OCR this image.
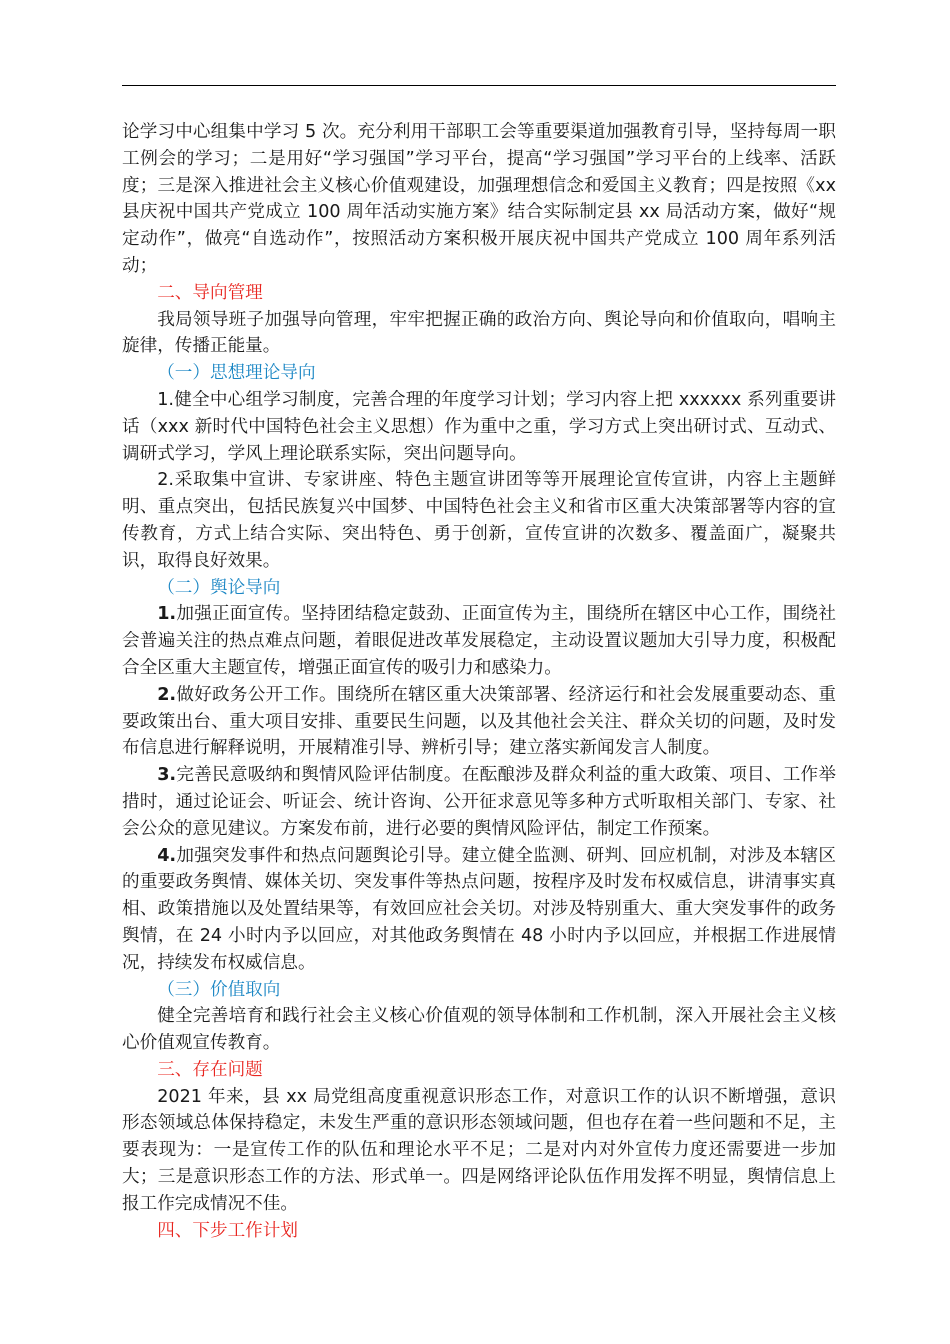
论学习中心组集中学习 5 次。充分利用干部职工会等重要渠道加强教育引导，坚持每周一职工例会的学习；二是用好“学习强国”学习平台，提高“学习强国”学习平台的上线率、活跃度；三是深入推进社会主义核心价值观建设，加强理想信念和爱国主义教育；四是按照《xx 县庆祝中国共产党成立 100 周年活动实施方案》结合实际制定县 xx 局活动方案，做好“规定动作”，做亮“自选动作”，按照活动方案积极开展庆祝中国共产党成立 100 周年系列活动；

二、导向管理

我局领导班子加强导向管理，牢牢把握正确的政治方向、舆论导向和价值取向，唱响主旋律，传播正能量。

（一）思想理论导向

1.健全中心组学习制度，完善合理的年度学习计划；学习内容上把 xxxxxx 系列重要讲话（xxx 新时代中国特色社会主义思想）作为重中之重，学习方式上突出研讨式、互动式、调研式学习，学风上理论联系实际，突出问题导向。

2.采取集中宣讲、专家讲座、特色主题宣讲团等等开展理论宣传宣讲，内容上主题鲜明、重点突出，包括民族复兴中国梦、中国特色社会主义和省市区重大决策部署等内容的宣传教育，方式上结合实际、突出特色、勇于创新，宣传宣讲的次数多、覆盖面广，凝聚共识，取得良好效果。

（二）舆论导向

1.加强正面宣传。坚持团结稳定鼓劲、正面宣传为主，围绕所在辖区中心工作，围绕社会普遍关注的热点难点问题，着眼促进改革发展稳定，主动设置议题加大引导力度，积极配合全区重大主题宣传，增强正面宣传的吸引力和感染力。

2.做好政务公开工作。围绕所在辖区重大决策部署、经济运行和社会发展重要动态、重要政策出台、重大项目安排、重要民生问题，以及其他社会关注、群众关切的问题，及时发布信息进行解释说明，开展精准引导、辨析引导；建立落实新闻发言人制度。

3.完善民意吸纳和舆情风险评估制度。在酝酿涉及群众利益的重大政策、项目、工作举措时，通过论证会、听证会、统计咨询、公开征求意见等多种方式听取相关部门、专家、社会公众的意见建议。方案发布前，进行必要的舆情风险评估，制定工作预案。

4.加强突发事件和热点问题舆论引导。建立健全监测、研判、回应机制，对涉及本辖区的重要政务舆情、媒体关切、突发事件等热点问题，按程序及时发布权威信息，讲清事实真相、政策措施以及处置结果等，有效回应社会关切。对涉及特别重大、重大突发事件的政务舆情，在 24 小时内予以回应，对其他政务舆情在 48 小时内予以回应，并根据工作进展情况，持续发布权威信息。

（三）价值取向

健全完善培育和践行社会主义核心价值观的领导体制和工作机制，深入开展社会主义核心价值观宣传教育。

三、存在问题

2021 年来，县 xx 局党组高度重视意识形态工作，对意识工作的认识不断增强，意识形态领域总体保持稳定，未发生严重的意识形态领域问题，但也存在着一些问题和不足，主要表现为：一是宣传工作的队伍和理论水平不足；二是对内对外宣传力度还需要进一步加大；三是意识形态工作的方法、形式单一。四是网络评论队伍作用发挥不明显，舆情信息上报工作完成情况不佳。

四、下步工作计划
